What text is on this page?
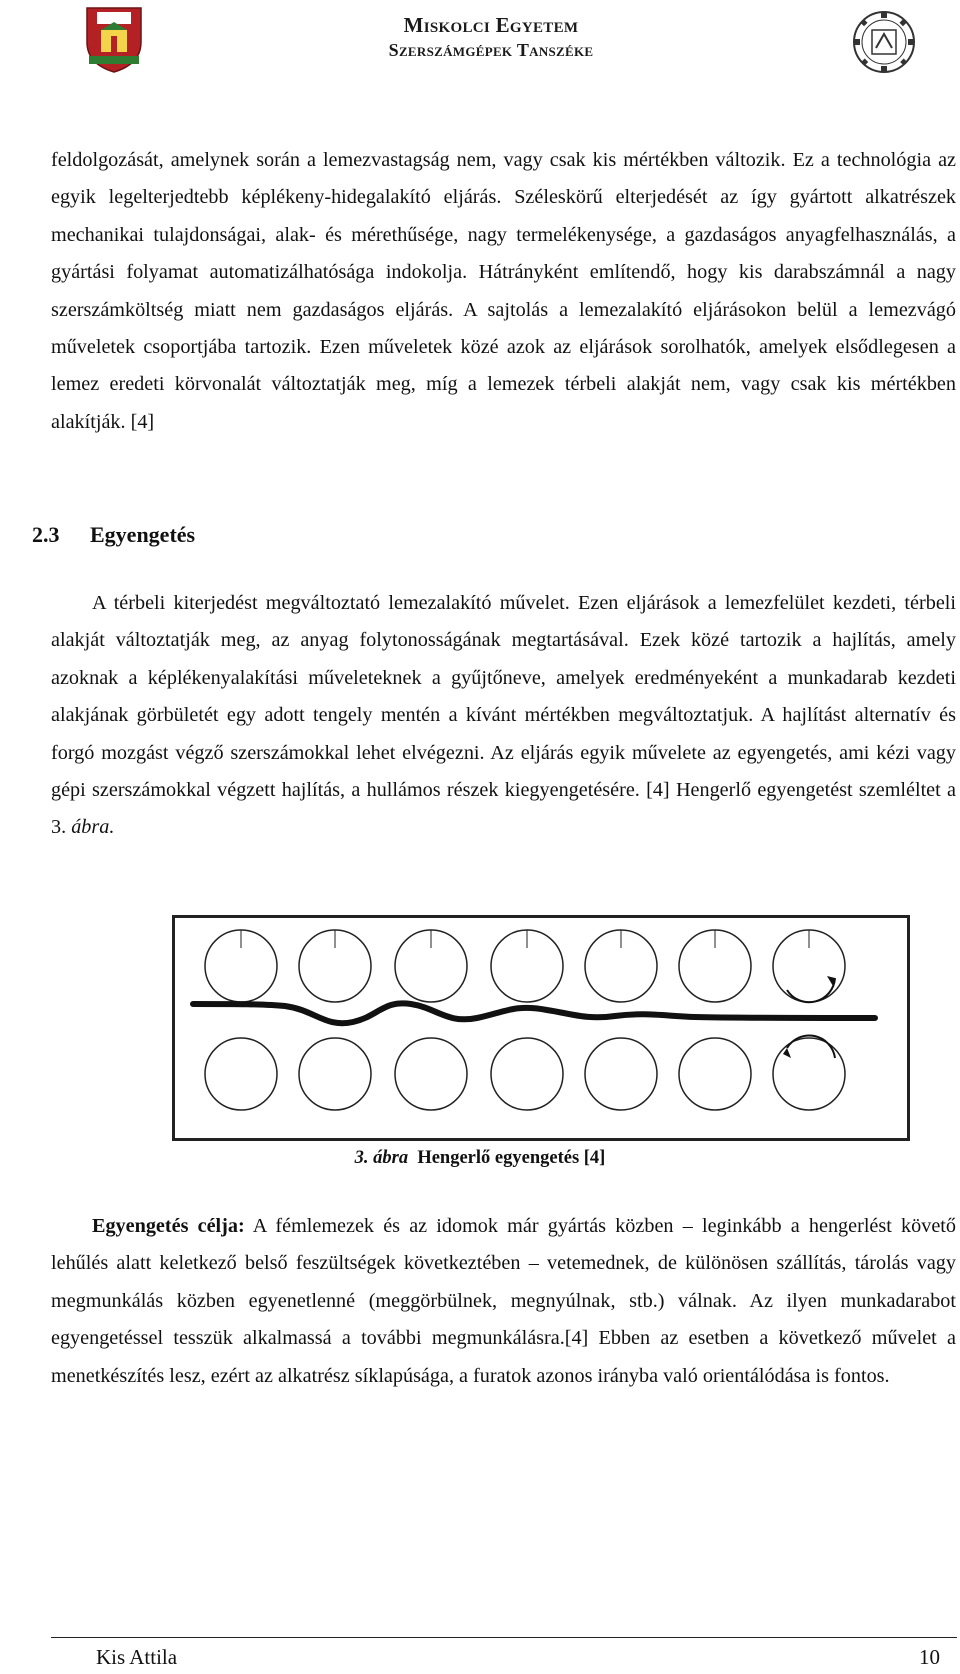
Miskolci Egyetem
Szerszámgépek Tanszéke

feldolgozását, amelynek során a lemezvastagság nem, vagy csak kis mértékben változik. Ez a technológia az egyik legelterjedtebb képlékeny-hidegalakító eljárás. Széleskörű elterjedését az így gyártott alkatrészek mechanikai tulajdonságai, alak- és mérethűsége, nagy termelékenysége, a gazdaságos anyagfelhasználás, a gyártási folyamat automatizálhatósága indokolja. Hátrányként említendő, hogy kis darabszámnál a nagy szerszámköltség miatt nem gazdaságos eljárás. A sajtolás a lemezalakító eljárásokon belül a lemezvágó műveletek csoportjába tartozik. Ezen műveletek közé azok az eljárások sorolhatók, amelyek elsődlegesen a lemez eredeti körvonalát változtatják meg, míg a lemezek térbeli alakját nem, vagy csak kis mértékben alakítják. [4]

2.3 Egyengetés

A térbeli kiterjedést megváltoztató lemezalakító művelet. Ezen eljárások a lemezfelület kezdeti, térbeli alakját változtatják meg, az anyag folytonosságának megtartásával. Ezek közé tartozik a hajlítás, amely azoknak a képlékenyalakítási műveleteknek a gyűjtőneve, amelyek eredményeként a munkadarab kezdeti alakjának görbületét egy adott tengely mentén a kívánt mértékben megváltoztatjuk. A hajlítást alternatív és forgó mozgást végző szerszámokkal lehet elvégezni. Az eljárás egyik művelete az egyengetés, ami kézi vagy gépi szerszámokkal végzett hajlítás, a hullámos részek kiegyengetésére. [4] Hengerlő egyengetést szemléltet a 3. ábra.

3. ábra Hengerlő egyengetés [4]

Egyengetés célja: A fémlemezek és az idomok már gyártás közben – leginkább a hengerlést követő lehűlés alatt keletkező belső feszültségek következtében – vetemednek, de különösen szállítás, tárolás vagy megmunkálás közben egyenetlenné (meggörbülnek, megnyúlnak, stb.) válnak. Az ilyen munkadarabot egyengetéssel tesszük alkalmassá a további megmunkálásra.[4] Ebben az esetben a következő művelet a menetkészítés lesz, ezért az alkatrész síklapúsága, a furatok azonos irányba való orientálódása is fontos.

Kis Attila	10
